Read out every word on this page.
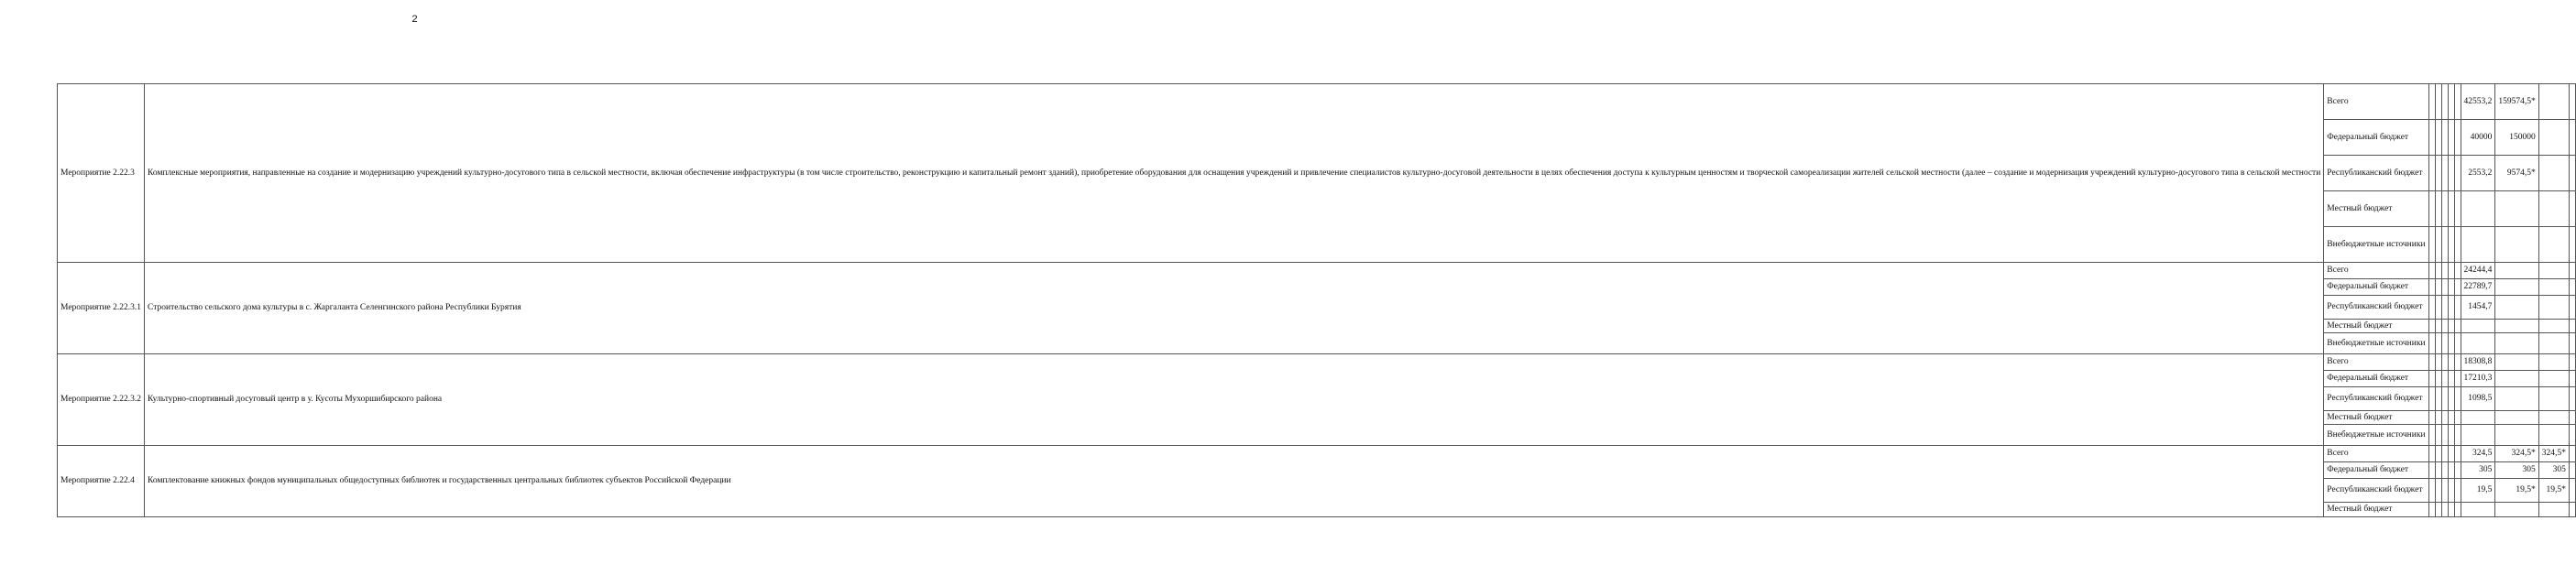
2
Мероприятие 2.22.3	Комплексные мероприятия, направленные на создание и модернизацию учреждений культурно-досугового типа в сельской местности, включая обеспечение инфраструктуры (в том числе строительство, реконструкцию и капитальный ремонт зданий), приобретение оборудования для оснащения учреждений и привлечение специалистов культурно-досуговой деятельности в целях обеспечения доступа к культурным ценностям и творческой самореализации жителей сельской местности (далее – создание и модернизация учреждений культурно-досугового типа в сельской местности	Всего						42553,2	159574,5*		
		Федеральный бюджет						40000	150000		
		Республиканский бюджет						2553,2	9574,5*		
		Местный бюджет									
		Внебюджетные источники									
Мероприятие 2.22.3.1	Строительство сельского дома культуры в с. Жаргаланта Селенгинского района Республики Бурятия	Всего						24244,4			
		Федеральный бюджет						22789,7			
		Республиканский бюджет						1454,7			
		Местный бюджет									
		Внебюджетные источники									
Мероприятие 2.22.3.2	Культурно-спортивный досуговый центр в у. Кусоты Мухоршибирского района	Всего						18308,8			
		Федеральный бюджет						17210,3			
		Республиканский бюджет						1098,5			
		Местный бюджет									
		Внебюджетные источники									
Мероприятие 2.22.4	Комплектование книжных фондов муниципальных общедоступных библиотек и государственных центральных библиотек субъектов Российской Федерации	Всего						324,5	324,5*	324,5*	
		Федеральный бюджет						305	305	305	
		Республиканский бюджет						19,5	19,5*	19,5*	
		Местный бюджет									
